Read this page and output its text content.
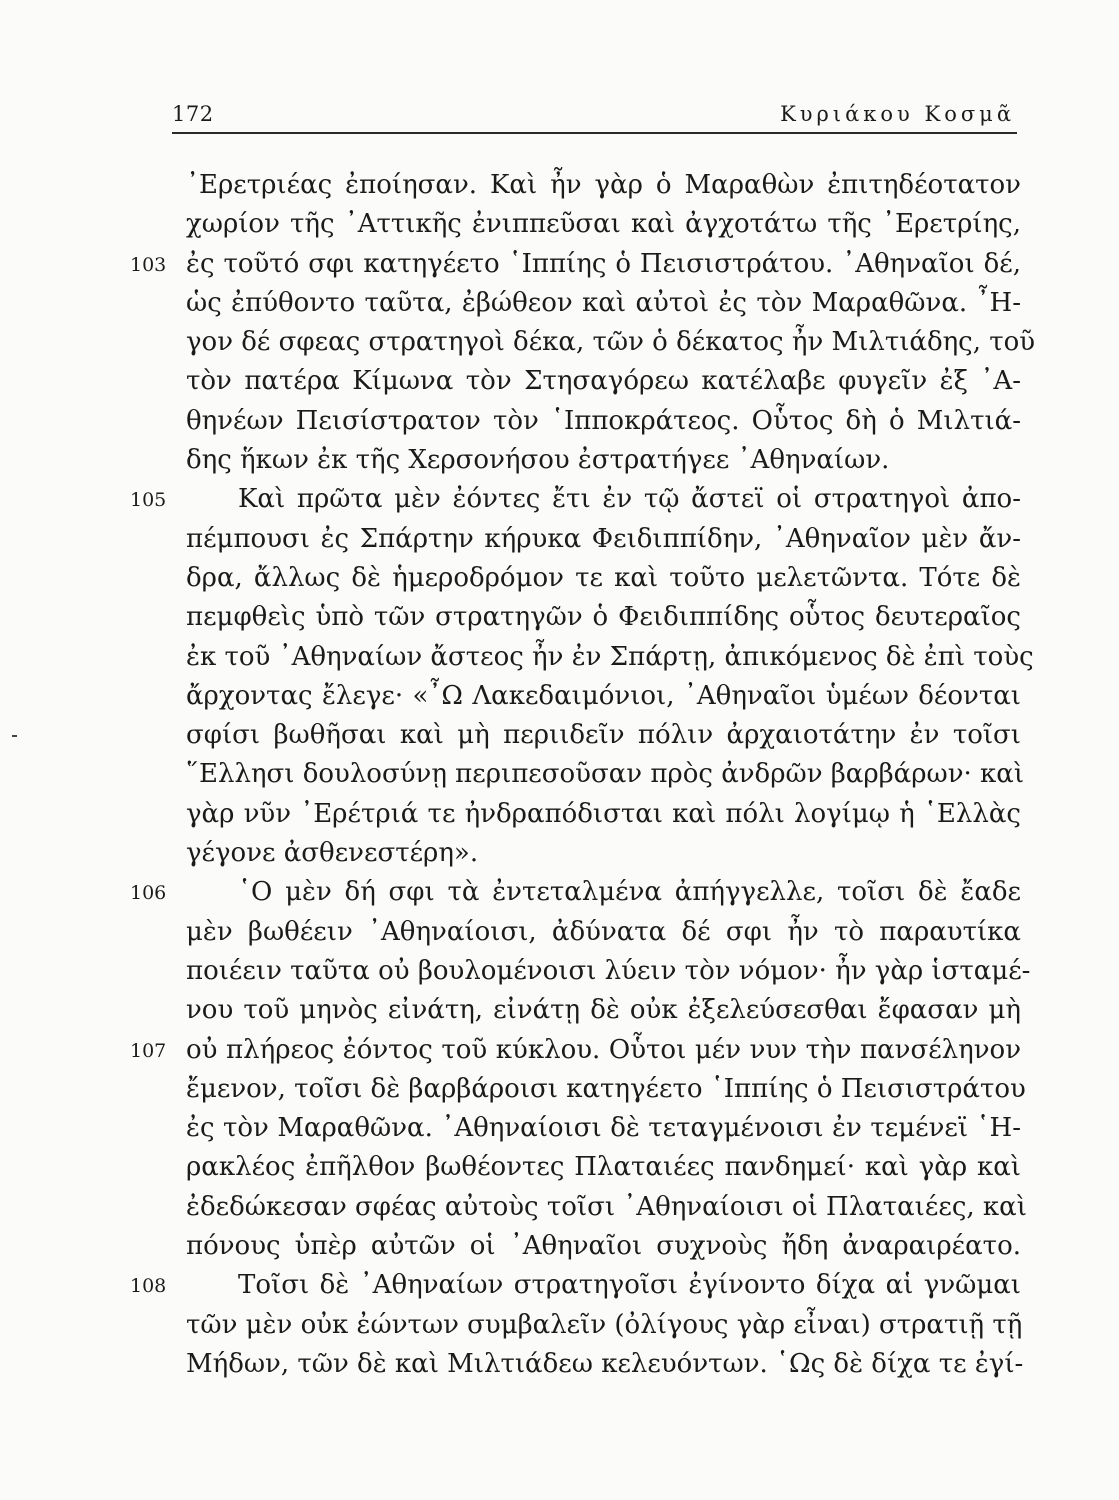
172	Κυριάκου Κοσμᾶ
᾿Ερετριέας ἐποίησαν. Καὶ ἦν γὰρ ὁ Μαραθὼν ἐπιτηδέοτατον
χωρίον τῆς ᾿Αττικῆς ἐνιππεῦσαι καὶ ἀγχοτάτω τῆς ᾿Ερετρίης,
103 ἐς τοῦτό σφι κατηγέετο ῾Ιππίης ὁ Πεισιστράτου. ᾿Αθηναῖοι δέ,
ὡς ἐπύθοντο ταῦτα, ἐβώθεον καὶ αὐτοὶ ἐς τὸν Μαραθῶνα. ῏Η-
γον δέ σφεας στρατηγοὶ δέκα, τῶν ὁ δέκατος ἦν Μιλτιάδης, τοῦ
τὸν πατέρα Κίμωνα τὸν Στησαγόρεω κατέλαβε φυγεῖν ἐξ ᾿Α-
θηνέων Πεισίστρατον τὸν ῾Ιπποκράτεος. Οὗτος δὴ ὁ Μιλτιά-
δης ἥκων ἐκ τῆς Χερσονήσου ἐστρατήγεε ᾿Αθηναίων.
105	Καὶ πρῶτα μὲν ἐόντες ἔτι ἐν τῷ ἄστεϊ οἱ στρατηγοὶ ἀπο-
πέμπουσι ἐς Σπάρτην κήρυκα Φειδιππίδην, ᾿Αθηναῖον μὲν ἄν-
δρα, ἄλλως δὲ ἡμεροδρόμον τε καὶ τοῦτο μελετῶντα. Τότε δὲ
πεμφθεὶς ὑπὸ τῶν στρατηγῶν ὁ Φειδιππίδης οὗτος δευτεραῖος
ἐκ τοῦ ᾿Αθηναίων ἄστεος ἦν ἐν Σπάρτῃ, ἀπικόμενος δὲ ἐπὶ τοὺς
ἄρχοντας ἔλεγε· «῏Ω Λακεδαιμόνιοι, ᾿Αθηναῖοι ὑμέων δέονται
σφίσι βωθῆσαι καὶ μὴ περιιδεῖν πόλιν ἀρχαιοτάτην ἐν τοῖσι
῞Ελλησι δουλοσύνῃ περιπεσοῦσαν πρὸς ἀνδρῶν βαρβάρων· καὶ
γὰρ νῦν ᾿Ερέτριά τε ἠνδραπόδισται καὶ πόλι λογίμῳ ἡ ῾Ελλὰς
γέγονε ἀσθενεστέρη».
106	῾Ο μὲν δή σφι τὰ ἐντεταλμένα ἀπήγγελλε, τοῖσι δὲ ἔαδε
μὲν βωθέειν ᾿Αθηναίοισι, ἀδύνατα δέ σφι ἦν τὸ παραυτίκα
ποιέειν ταῦτα οὐ βουλομένοισι λύειν τὸν νόμον· ἦν γὰρ ἱσταμέ-
νου τοῦ μηνὸς εἰνάτη, εἰνάτῃ δὲ οὐκ ἐξελεύσεσθαι ἔφασαν μὴ
107 οὐ πλήρεος ἐόντος τοῦ κύκλου. Οὗτοι μέν νυν τὴν πανσέληνον
ἔμενον, τοῖσι δὲ βαρβάροισι κατηγέετο ῾Ιππίης ὁ Πεισιστράτου
ἐς τὸν Μαραθῶνα. ᾿Αθηναίοισι δὲ τεταγμένοισι ἐν τεμένεϊ ῾Η-
ρακλέος ἐπῆλθον βωθέοντες Πλαταιέες πανδημεί· καὶ γὰρ καὶ
ἐδεδώκεσαν σφέας αὐτοὺς τοῖσι ᾿Αθηναίοισι οἱ Πλαταιέες, καὶ
πόνους ὑπὲρ αὐτῶν οἱ ᾿Αθηναῖοι συχνοὺς ἤδη ἀναραιρέατο.
108	Τοῖσι δὲ ᾿Αθηναίων στρατηγοῖσι ἐγίνοντο δίχα αἱ γνῶμαι
τῶν μὲν οὐκ ἐώντων συμβαλεῖν (ὀλίγους γὰρ εἶναι) στρατιῇ τῇ
Μήδων, τῶν δὲ καὶ Μιλτιάδεω κελευόντων. ῾Ως δὲ δίχα τε ἐγί-
